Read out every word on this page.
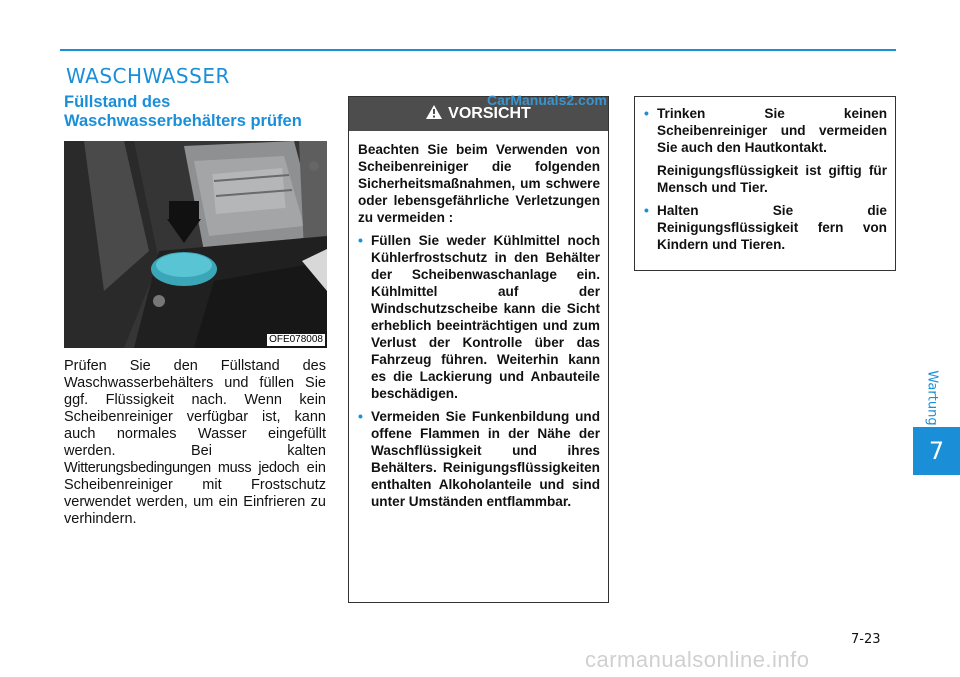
WASCHWASSER
Füllstand des
Waschwasserbehälters prüfen
OFE078008
Prüfen Sie den Füllstand des Waschwasserbehälters und füllen Sie ggf. Flüssigkeit nach. Wenn kein Scheibenreiniger verfügbar ist, kann auch normales Wasser eingefüllt werden. Bei kalten Witterungsbedingungen muss jedoch ein Scheibenreiniger mit Frostschutz verwendet werden, um ein Einfrieren zu verhindern.
VORSICHT
Beachten Sie beim Verwenden von Scheibenreiniger die folgenden Sicherheitsmaßnahmen, um schwere oder lebensgefährliche Verletzungen zu vermeiden :
• Füllen Sie weder Kühlmittel noch Kühlerfrostschutz in den Behälter der Scheibenwaschanlage ein. Kühlmittel auf der Windschutzscheibe kann die Sicht erheblich beeinträchtigen und zum Verlust der Kontrolle über das Fahrzeug führen. Weiterhin kann es die Lackierung und Anbauteile beschädigen.
• Vermeiden Sie Funkenbildung und offene Flammen in der Nähe der Waschflüssigkeit und ihres Behälters. Reinigungsflüssigkeiten enthalten Alkoholanteile und sind unter Umständen entflammbar.
• Trinken Sie keinen Scheibenreiniger und vermeiden Sie auch den Hautkontakt.
Reinigungsflüssigkeit ist giftig für Mensch und Tier.
• Halten Sie die Reinigungsflüssigkeit fern von Kindern und Tieren.
Wartung
7
7-23
CarManuals2.com
carmanualsonline.info
